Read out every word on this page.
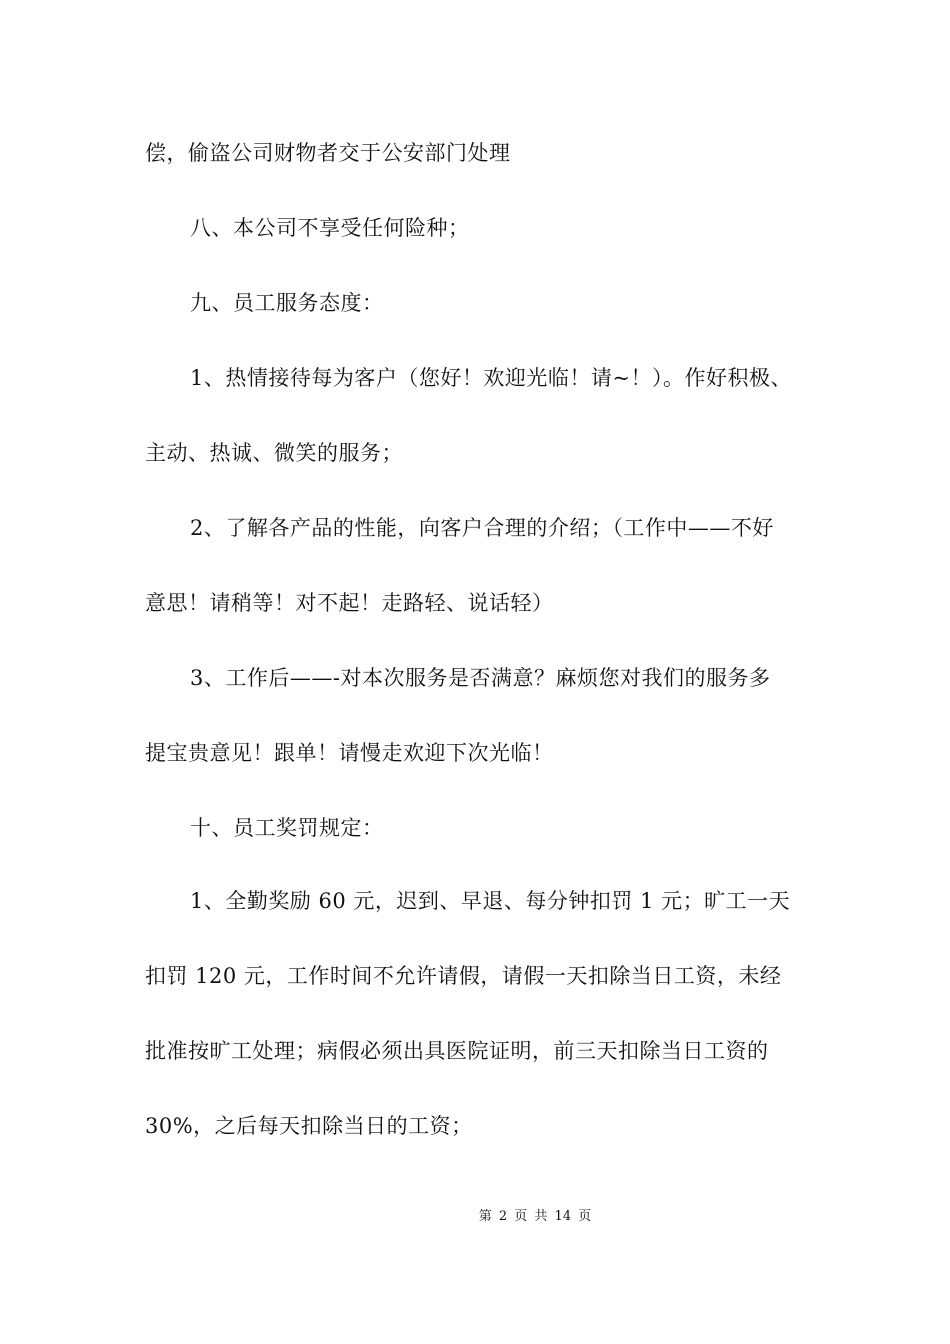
偿，偷盗公司财物者交于公安部门处理
八、本公司不享受任何险种；
九、员工服务态度：
1、热情接待每为客户（您好！欢迎光临！请~！）。作好积极、
主动、热诚、微笑的服务；
2、了解各产品的性能，向客户合理的介绍；（工作中——不好
意思！请稍等！对不起！走路轻、说话轻）
3、工作后——-对本次服务是否满意？麻烦您对我们的服务多
提宝贵意见！跟单！请慢走欢迎下次光临！
十、员工奖罚规定：
1、全勤奖励 60 元，迟到、早退、每分钟扣罚 1 元；旷工一天
扣罚 120 元，工作时间不允许请假，请假一天扣除当日工资，未经
批准按旷工处理；病假必须出具医院证明，前三天扣除当日工资的
30%，之后每天扣除当日的工资；
第 2 页 共 14 页
